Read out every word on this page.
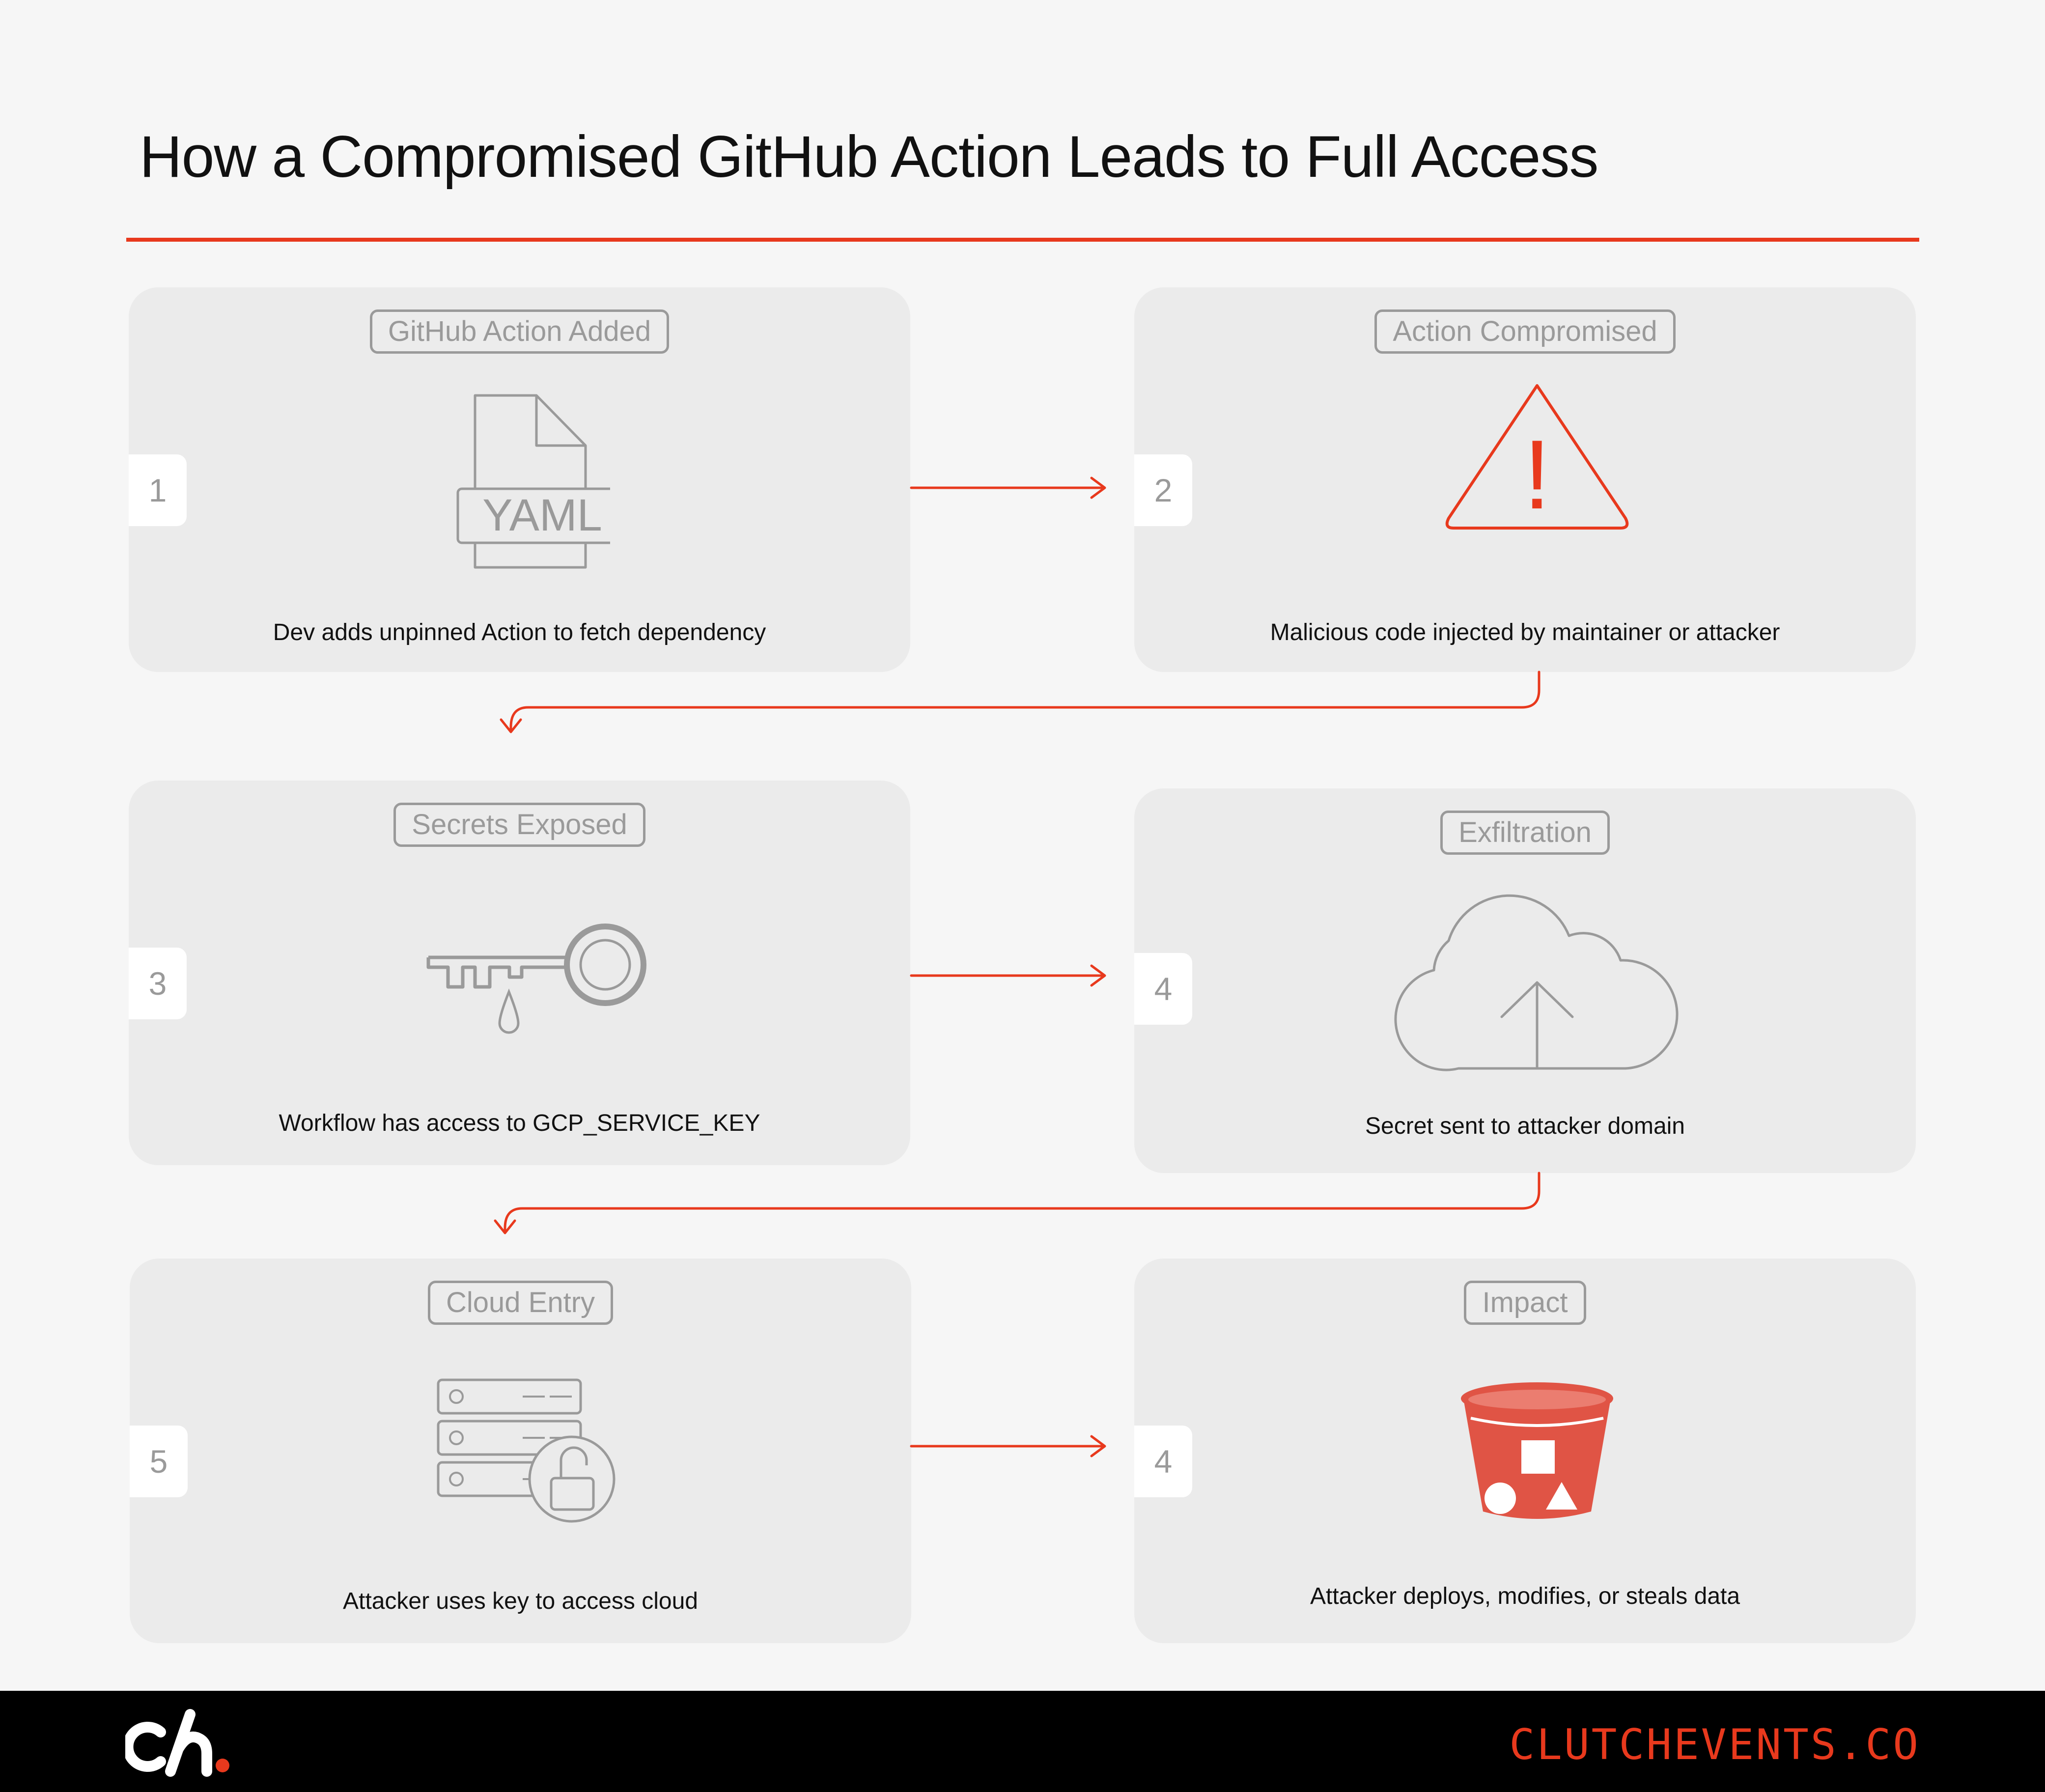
How a Compromised GitHub Action Leads to Full Access
GitHub Action Added
1	YAML
Dev adds unpinned Action to fetch dependency
Action Compromised
2	!
Malicious code injected by maintainer or attacker
Secrets Exposed
3
Workflow has access to GCP_SERVICE_KEY
Exfiltration
4
Secret sent to attacker domain
Cloud Entry
5
Attacker uses key to access cloud
Impact
4
Attacker deploys, modifies, or steals data
CLUTCHEVENTS.CO
